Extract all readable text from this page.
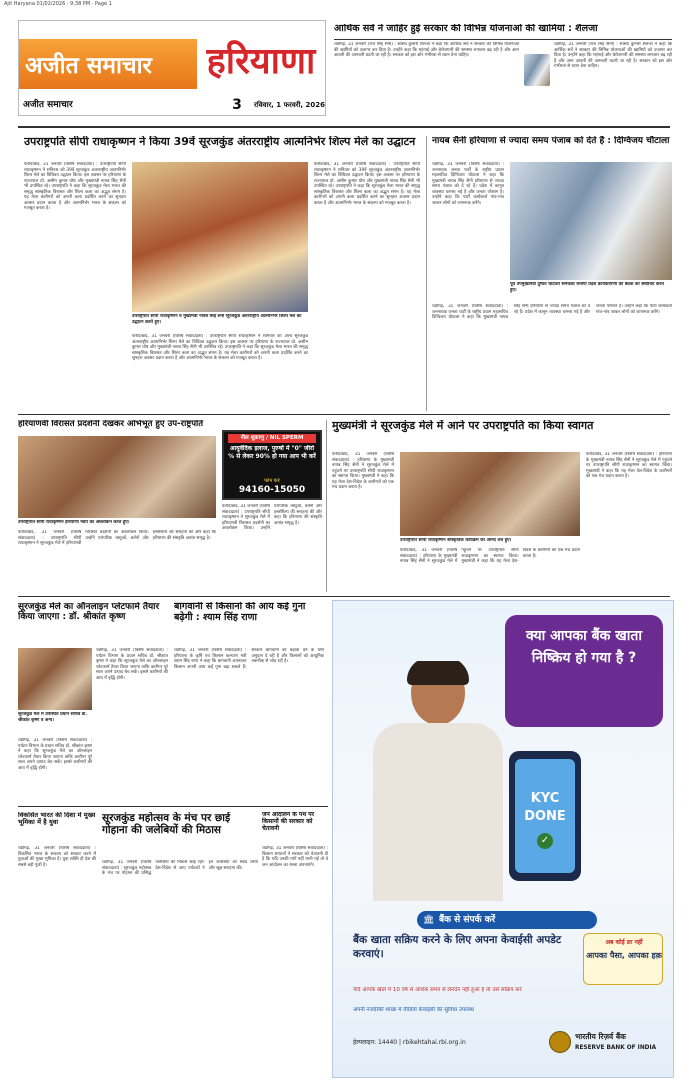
Ajit Haryana 01/02/2026 · 9:38 PM · Page 1
अजीत समाचार	हरियाणा
अजीत समाचार	3	रविवार, 1 फरवरी, 2026
आर्थिक सर्वे ने जाहिर हुई सरकार की विभिन्न योजनाओं की खामियां : शैलजा
चंडीगढ़, 31 जनवरी (राज सिंह सैनी) : सांसद कुमारी शैलजा ने कहा कि आर्थिक सर्वे ने सरकार की विभिन्न योजनाओं की खामियों को उजागर कर दिया है। उन्होंने कहा कि महंगाई और बेरोजगारी की समस्या लगातार बढ़ रही है और आम आदमी की आमदनी घटती जा रही है। सरकार को इस ओर गंभीरता से ध्यान देना चाहिए।
चंडीगढ़, 31 जनवरी (राज सिंह सैनी) : सांसद कुमारी शैलजा ने कहा कि आर्थिक सर्वे ने सरकार की विभिन्न योजनाओं की खामियों को उजागर कर दिया है। उन्होंने कहा कि महंगाई और बेरोजगारी की समस्या लगातार बढ़ रही है और आम आदमी की आमदनी घटती जा रही है। सरकार को इस ओर गंभीरता से ध्यान देना चाहिए।
उपराष्ट्रपति सीपी राधाकृष्णन ने किया 39वें सूरजकुंड अंतरराष्ट्रीय आत्मनिर्भर शिल्प मेले का उद्घाटन
फरीदाबाद, 31 जनवरी (विशेष संवाददाता) : उपराष्ट्रपति सीपी राधाकृष्णन ने शनिवार को 39वें सूरजकुंड अंतरराष्ट्रीय आत्मनिर्भर शिल्प मेले का विधिवत उद्घाटन किया। इस अवसर पर हरियाणा के राज्यपाल प्रो. असीम कुमार घोष और मुख्यमंत्री नायब सिंह सैनी भी उपस्थित रहे। उपराष्ट्रपति ने कहा कि सूरजकुंड मेला भारत की समृद्ध सांस्कृतिक विरासत और शिल्प कला का अद्भुत संगम है। यह मेला कारीगरों को अपनी कला प्रदर्शित करने का सुनहरा अवसर प्रदान करता है और आत्मनिर्भर भारत के संकल्प को मजबूत करता है।
उपराष्ट्रपति सीपी राधाकृष्णन व मुख्यमंत्री नायब सिंह सैनी सूरजकुंड अंतरराष्ट्रीय आत्मनिर्भर शिल्प मेले का उद्घाटन करते हुए।
फरीदाबाद, 31 जनवरी (विशेष संवाददाता) : उपराष्ट्रपति सीपी राधाकृष्णन ने शनिवार को 39वें सूरजकुंड अंतरराष्ट्रीय आत्मनिर्भर शिल्प मेले का विधिवत उद्घाटन किया। इस अवसर पर हरियाणा के राज्यपाल प्रो. असीम कुमार घोष और मुख्यमंत्री नायब सिंह सैनी भी उपस्थित रहे। उपराष्ट्रपति ने कहा कि सूरजकुंड मेला भारत की समृद्ध सांस्कृतिक विरासत और शिल्प कला का अद्भुत संगम है। यह मेला कारीगरों को अपनी कला प्रदर्शित करने का सुनहरा अवसर प्रदान करता है और आत्मनिर्भर भारत के संकल्प को मजबूत करता है।
फरीदाबाद, 31 जनवरी (विशेष संवाददाता) : उपराष्ट्रपति सीपी राधाकृष्णन ने शनिवार को 39वें सूरजकुंड अंतरराष्ट्रीय आत्मनिर्भर शिल्प मेले का विधिवत उद्घाटन किया। इस अवसर पर हरियाणा के राज्यपाल प्रो. असीम कुमार घोष और मुख्यमंत्री नायब सिंह सैनी भी उपस्थित रहे। उपराष्ट्रपति ने कहा कि सूरजकुंड मेला भारत की समृद्ध सांस्कृतिक विरासत और शिल्प कला का अद्भुत संगम है। यह मेला कारीगरों को अपनी कला प्रदर्शित करने का सुनहरा अवसर प्रदान करता है और आत्मनिर्भर भारत के संकल्प को मजबूत करता है।
नायब सैनी हरियाणा से ज्यादा समय पंजाब को देते हैं : दिग्विजय चौटाला
चंडीगढ़, 31 जनवरी (विशेष संवाददाता) : जननायक जनता पार्टी के राष्ट्रीय प्रधान महासचिव दिग्विजय चौटाला ने कहा कि मुख्यमंत्री नायब सिंह सैनी हरियाणा से ज्यादा समय पंजाब को दे रहे हैं। प्रदेश में कानून व्यवस्था चरमरा गई है और जनता परेशान है। उन्होंने कहा कि पार्टी कार्यकर्ता गांव-गांव जाकर लोगों को जागरूक करेंगे।
पूर्व उपमुख्यमंत्री दुष्यंत चौटाला समर्थकों जेजेपी प्रदेश कार्यकारिणी की बैठक को संबोधित करते हुए।
चंडीगढ़, 31 जनवरी (विशेष संवाददाता) : जननायक जनता पार्टी के राष्ट्रीय प्रधान महासचिव दिग्विजय चौटाला ने कहा कि मुख्यमंत्री नायब सिंह सैनी हरियाणा से ज्यादा समय पंजाब को दे रहे हैं। प्रदेश में कानून व्यवस्था चरमरा गई है और जनता परेशान है। उन्होंने कहा कि पार्टी कार्यकर्ता गांव-गांव जाकर लोगों को जागरूक करेंगे।
हरियाणवी विरासत प्रदर्शनी देखकर अभिभूत हुए उप-राष्ट्रपति
उपराष्ट्रपति सीपी राधाकृष्णन हरियाणा मंडप का अवलोकन करते हुए।
फरीदाबाद, 31 जनवरी (विशेष संवाददाता) : उपराष्ट्रपति सीपी राधाकृष्णन ने सूरजकुंड मेले में हरियाणवी विरासत प्रदर्शनी का अवलोकन किया। उन्होंने पारंपरिक वस्तुओं, बर्तनों और हस्तशिल्प की सराहना की और कहा कि हरियाणा की संस्कृति अत्यंत समृद्ध है।
नील शुक्राणु / NIL SPERM
आयुर्वेदिक इलाज, पुरुषों में "0" जीरो % से लेकर 90% हो गया आप भी करें
फोन करें
94160-15050
फरीदाबाद, 31 जनवरी (विशेष संवाददाता) : उपराष्ट्रपति सीपी राधाकृष्णन ने सूरजकुंड मेले में हरियाणवी विरासत प्रदर्शनी का अवलोकन किया। उन्होंने पारंपरिक वस्तुओं, बर्तनों और हस्तशिल्प की सराहना की और कहा कि हरियाणा की संस्कृति अत्यंत समृद्ध है।
मुख्यमंत्री ने सूरजकुंड मेले में आने पर उपराष्ट्रपति का किया स्वागत
फरीदाबाद, 31 जनवरी (विशेष संवाददाता) : हरियाणा के मुख्यमंत्री नायब सिंह सैनी ने सूरजकुंड मेले में पहुंचने पर उपराष्ट्रपति सीपी राधाकृष्णन का स्वागत किया। मुख्यमंत्री ने कहा कि यह मेला देश-विदेश के कारीगरों को एक मंच प्रदान करता है।
उपराष्ट्रपति सीपी राधाकृष्णन सांस्कृतिक कार्यक्रम का आनंद लेते हुए।
फरीदाबाद, 31 जनवरी (विशेष संवाददाता) : हरियाणा के मुख्यमंत्री नायब सिंह सैनी ने सूरजकुंड मेले में पहुंचने पर उपराष्ट्रपति सीपी राधाकृष्णन का स्वागत किया। मुख्यमंत्री ने कहा कि यह मेला देश-विदेश के कारीगरों को एक मंच प्रदान करता है।
फरीदाबाद, 31 जनवरी (विशेष संवाददाता) : हरियाणा के मुख्यमंत्री नायब सिंह सैनी ने सूरजकुंड मेले में पहुंचने पर उपराष्ट्रपति सीपी राधाकृष्णन का स्वागत किया। मुख्यमंत्री ने कहा कि यह मेला देश-विदेश के कारीगरों को एक मंच प्रदान करता है।
सूरजकुंड मेले का ऑनलाइन प्लेटफार्म तैयार किया जाएगा : डॉ. श्रीकांत कृष्ण
सूरजकुंड मेले में उपस्थित प्रधान सचिव डॉ. श्रीकांत कृष्ण व अन्य।
चंडीगढ़, 31 जनवरी (विशेष संवाददाता) : पर्यटन विभाग के प्रधान सचिव डॉ. श्रीकांत कृष्ण ने कहा कि सूरजकुंड मेले का ऑनलाइन प्लेटफार्म तैयार किया जाएगा ताकि कारीगर पूरे साल अपने उत्पाद बेच सकें। इससे कारीगरों की आय में वृद्धि होगी।
चंडीगढ़, 31 जनवरी (विशेष संवाददाता) : पर्यटन विभाग के प्रधान सचिव डॉ. श्रीकांत कृष्ण ने कहा कि सूरजकुंड मेले का ऑनलाइन प्लेटफार्म तैयार किया जाएगा ताकि कारीगर पूरे साल अपने उत्पाद बेच सकें। इससे कारीगरों की आय में वृद्धि होगी।
बागवानी से किसानों की आय कई गुना बढ़ेगी : श्याम सिंह राणा
चंडीगढ़, 31 जनवरी (विशेष संवाददाता) : हरियाणा के कृषि एवं किसान कल्याण मंत्री श्याम सिंह राणा ने कहा कि बागवानी अपनाकर किसान अपनी आय कई गुना बढ़ा सकते हैं। सरकार बागवानी को बढ़ावा देने के लिए अनुदान दे रही है और किसानों को आधुनिक तकनीक से जोड़ रही है।
क्या आपका बैंक खाता निष्क्रिय हो गया है ?
KYC
DONE
✓
🏛 बैंक से संपर्क करें
बैंक खाता सक्रिय करने के लिए अपना केवाईसी अपडेट करवाएं।
अब कोई डर नहीं
आपका पैसा, आपका हक़
यदि आपके खाते में 10 वर्ष से अधिक समय से लेनदेन नहीं हुआ है तो उसे सक्रिय करें
अपनी नजदीकी शाखा में वीडियो केवाईसी की सुविधा उपलब्ध
हेल्पलाइन: 14440 | rbikehtahai.rbi.org.in
भारतीय रिज़र्व बैंक
RESERVE BANK OF INDIA
विकसित भारत की दिशा में मुख्य भूमिका में है युवा
चंडीगढ़, 31 जनवरी (विशेष संवाददाता) : विकसित भारत के संकल्प को साकार करने में युवाओं की मुख्य भूमिका है। युवा शक्ति ही देश की सबसे बड़ी पूंजी है।
सूरजकुंड महोत्सव के मंच पर छाई गोहाना की जलेबियों की मिठास
चंडीगढ़, 31 जनवरी (विशेष संवाददाता) : सूरजकुंड महोत्सव के मंच पर गोहाना की प्रसिद्ध जलेबियों की मिठास छाई रही। देश-विदेश से आए पर्यटकों ने इन जलेबियों का स्वाद लिया और खूब सराहना की।
जन आंदोलन के पथ पर किसानों की सरकार को चेतावनी
चंडीगढ़, 31 जनवरी (विशेष संवाददाता) : किसान संगठनों ने सरकार को चेतावनी दी है कि यदि उनकी मांगें नहीं मानी गईं तो वे जन आंदोलन का रास्ता अपनाएंगे।
